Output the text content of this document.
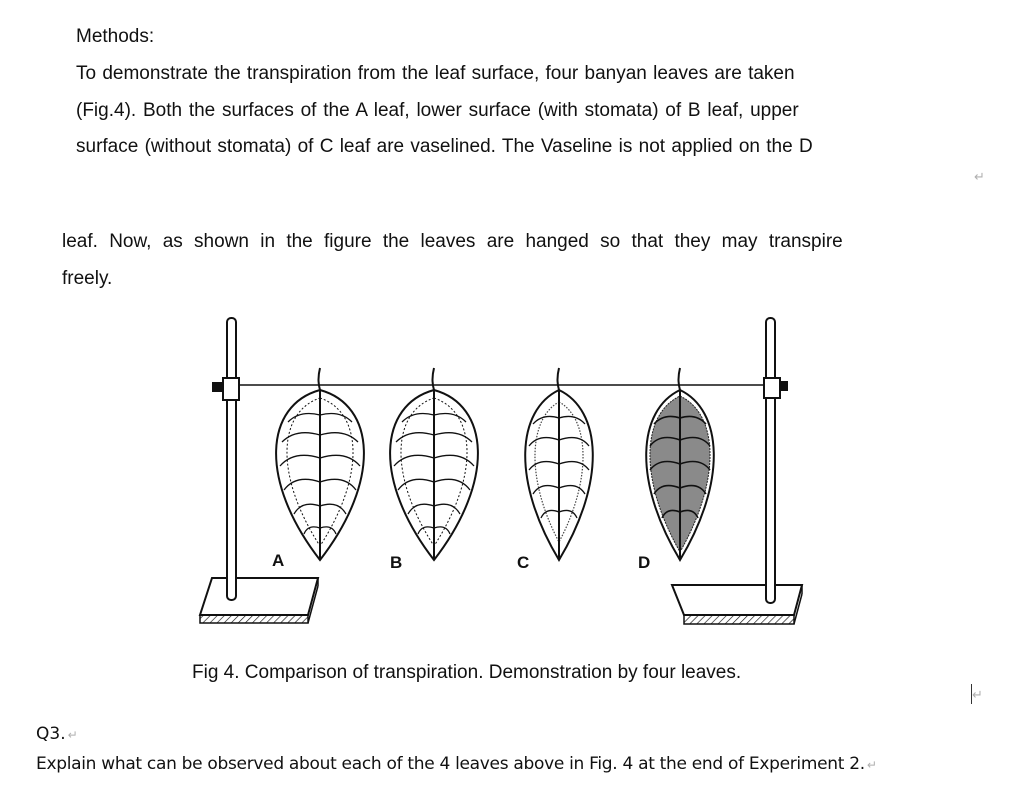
Methods:
To demonstrate the transpiration from the leaf surface, four banyan leaves are taken
(Fig.4). Both the surfaces of the A leaf, lower surface (with stomata) of B leaf, upper
surface (without stomata) of C leaf are vaselined. The Vaseline is not applied on the D
↵
leaf. Now, as shown in the figure the leaves are hanged so that they may transpire
freely.
A	B	C	D
Fig 4. Comparison of transpiration. Demonstration by four leaves.
↵
Q3. ↵
Explain what can be observed about each of the 4 leaves above in Fig. 4 at the end of Experiment 2. ↵
